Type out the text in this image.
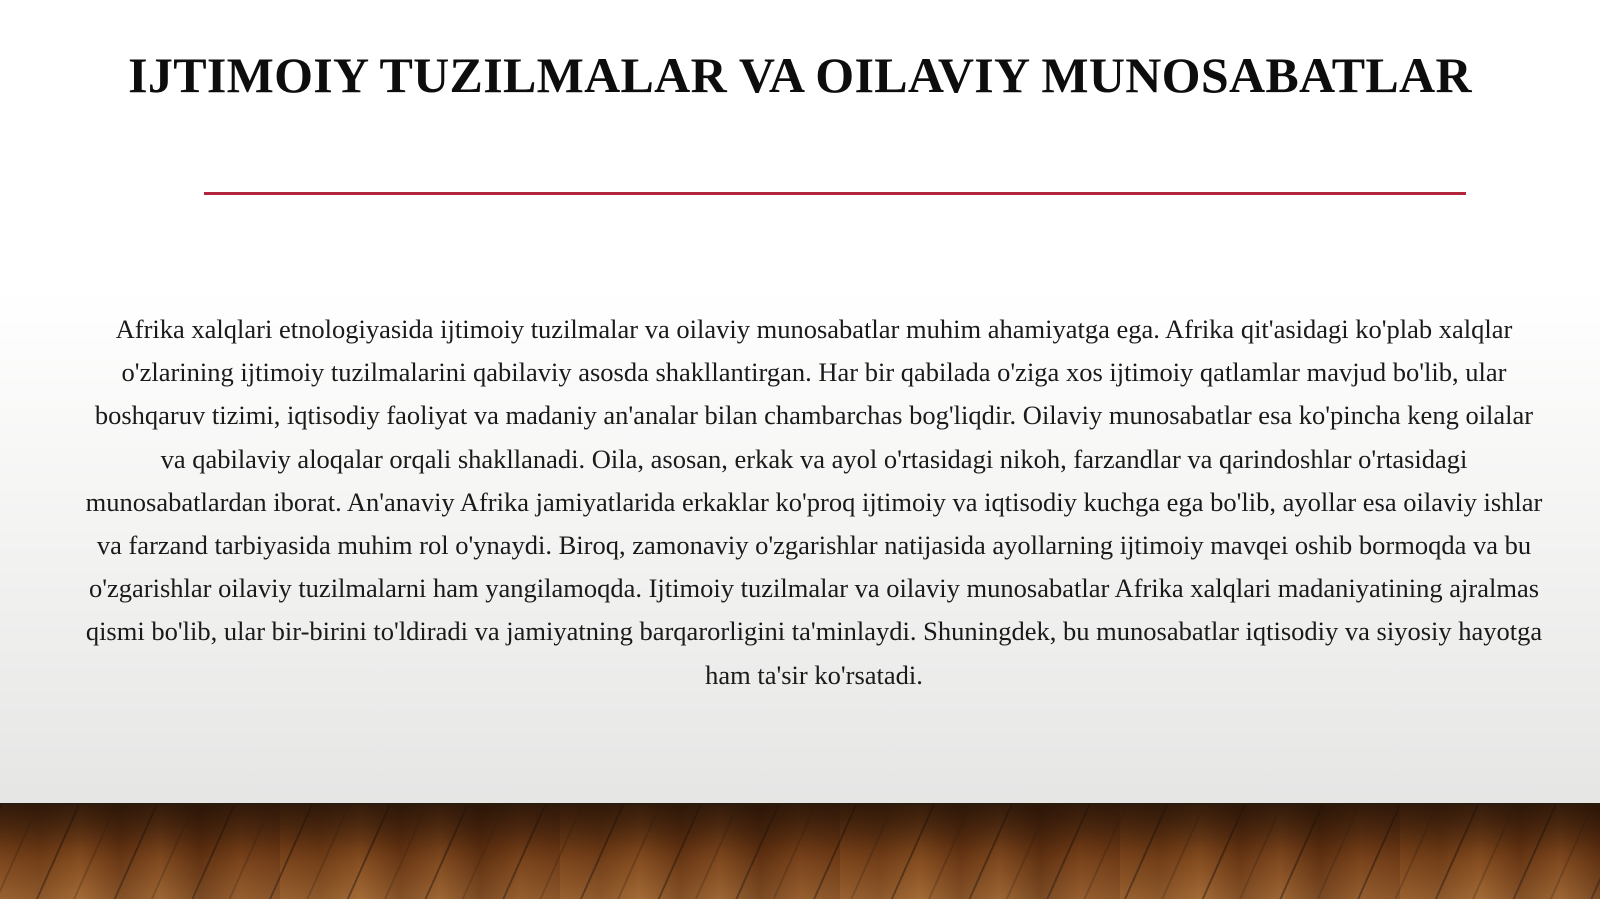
IJTIMOIY TUZILMALAR VA OILAVIY MUNOSABATLAR

Afrika xalqlari etnologiyasida ijtimoiy tuzilmalar va oilaviy munosabatlar muhim ahamiyatga ega. Afrika qit'asidagi ko'plab xalqlar o'zlarining ijtimoiy tuzilmalarini qabilaviy asosda shakllantirgan. Har bir qabilada o'ziga xos ijtimoiy qatlamlar mavjud bo'lib, ular boshqaruv tizimi, iqtisodiy faoliyat va madaniy an'analar bilan chambarchas bog'liqdir. Oilaviy munosabatlar esa ko'pincha keng oilalar va qabilaviy aloqalar orqali shakllanadi. Oila, asosan, erkak va ayol o'rtasidagi nikoh, farzandlar va qarindoshlar o'rtasidagi munosabatlardan iborat. An'anaviy Afrika jamiyatlarida erkaklar ko'proq ijtimoiy va iqtisodiy kuchga ega bo'lib, ayollar esa oilaviy ishlar va farzand tarbiyasida muhim rol o'ynaydi. Biroq, zamonaviy o'zgarishlar natijasida ayollarning ijtimoiy mavqei oshib bormoqda va bu o'zgarishlar oilaviy tuzilmalarni ham yangilamoqda. Ijtimoiy tuzilmalar va oilaviy munosabatlar Afrika xalqlari madaniyatining ajralmas qismi bo'lib, ular bir-birini to'ldiradi va jamiyatning barqarorligini ta'minlaydi. Shuningdek, bu munosabatlar iqtisodiy va siyosiy hayotga ham ta'sir ko'rsatadi.
